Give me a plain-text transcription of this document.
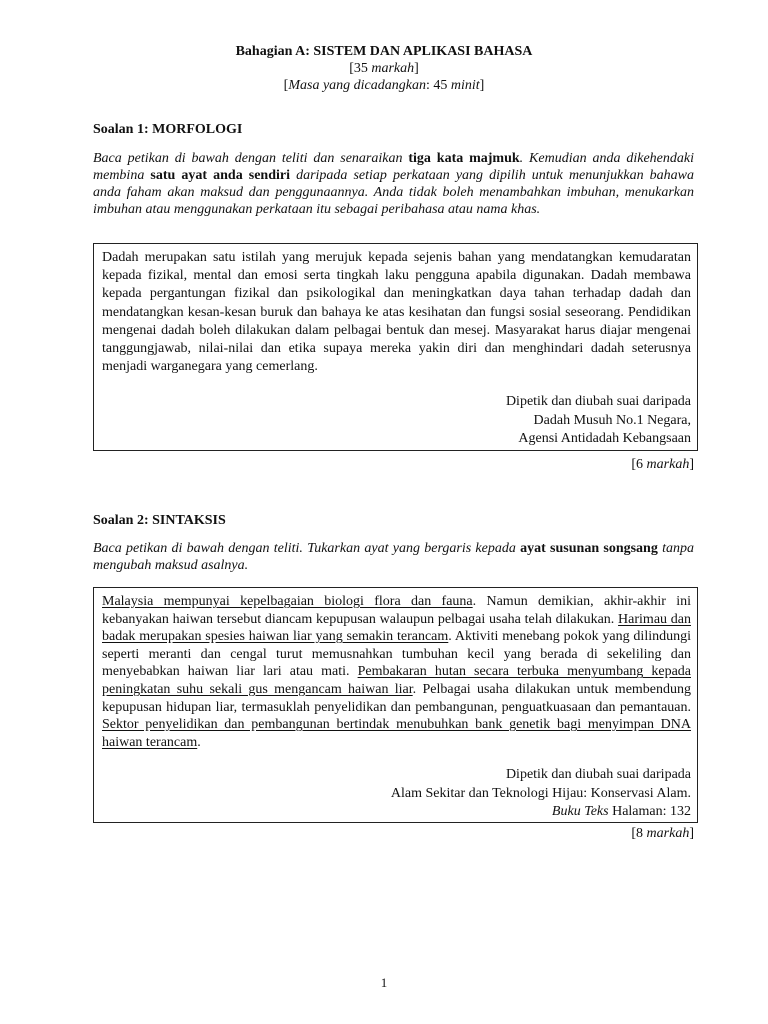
Bahagian A: SISTEM DAN APLIKASI BAHASA
[35 markah]
[Masa yang dicadangkan: 45 minit]
Soalan 1: MORFOLOGI
Baca petikan di bawah dengan teliti dan senaraikan tiga kata majmuk. Kemudian anda dikehendaki membina satu ayat anda sendiri daripada setiap perkataan yang dipilih untuk menunjukkan bahawa anda faham akan maksud dan penggunaannya. Anda tidak boleh menambahkan imbuhan, menukarkan imbuhan atau menggunakan perkataan itu sebagai peribahasa atau nama khas.
Dadah merupakan satu istilah yang merujuk kepada sejenis bahan yang mendatangkan kemudaratan kepada fizikal, mental dan emosi serta tingkah laku pengguna apabila digunakan. Dadah membawa kepada pergantungan fizikal dan psikologikal dan meningkatkan daya tahan terhadap dadah dan mendatangkan kesan-kesan buruk dan bahaya ke atas kesihatan dan fungsi sosial seseorang. Pendidikan mengenai dadah boleh dilakukan dalam pelbagai bentuk dan mesej. Masyarakat harus diajar mengenai tanggungjawab, nilai-nilai dan etika supaya mereka yakin diri dan menghindari dadah seterusnya menjadi warganegara yang cemerlang.
Dipetik dan diubah suai daripada
Dadah Musuh No.1 Negara,
Agensi Antidadah Kebangsaan
[6 markah]
Soalan 2: SINTAKSIS
Baca petikan di bawah dengan teliti. Tukarkan ayat yang bergaris kepada ayat susunan songsang tanpa mengubah maksud asalnya.
Malaysia mempunyai kepelbagaian biologi flora dan fauna. Namun demikian, akhir-akhir ini kebanyakan haiwan tersebut diancam kepupusan walaupun pelbagai usaha telah dilakukan. Harimau dan badak merupakan spesies haiwan liar yang semakin terancam. Aktiviti menebang pokok yang dilindungi seperti meranti dan cengal turut memusnahkan tumbuhan kecil yang berada di sekeliling dan menyebabkan haiwan liar lari atau mati. Pembakaran hutan secara terbuka menyumbang kepada peningkatan suhu sekali gus mengancam haiwan liar. Pelbagai usaha dilakukan untuk membendung kepupusan hidupan liar, termasuklah penyelidikan dan pembangunan, penguatkuasaan dan pemantauan. Sektor penyelidikan dan pembangunan bertindak menubuhkan bank genetik bagi menyimpan DNA haiwan terancam.
Dipetik dan diubah suai daripada
Alam Sekitar dan Teknologi Hijau: Konservasi Alam.
Buku Teks Halaman: 132
[8 markah]
1
